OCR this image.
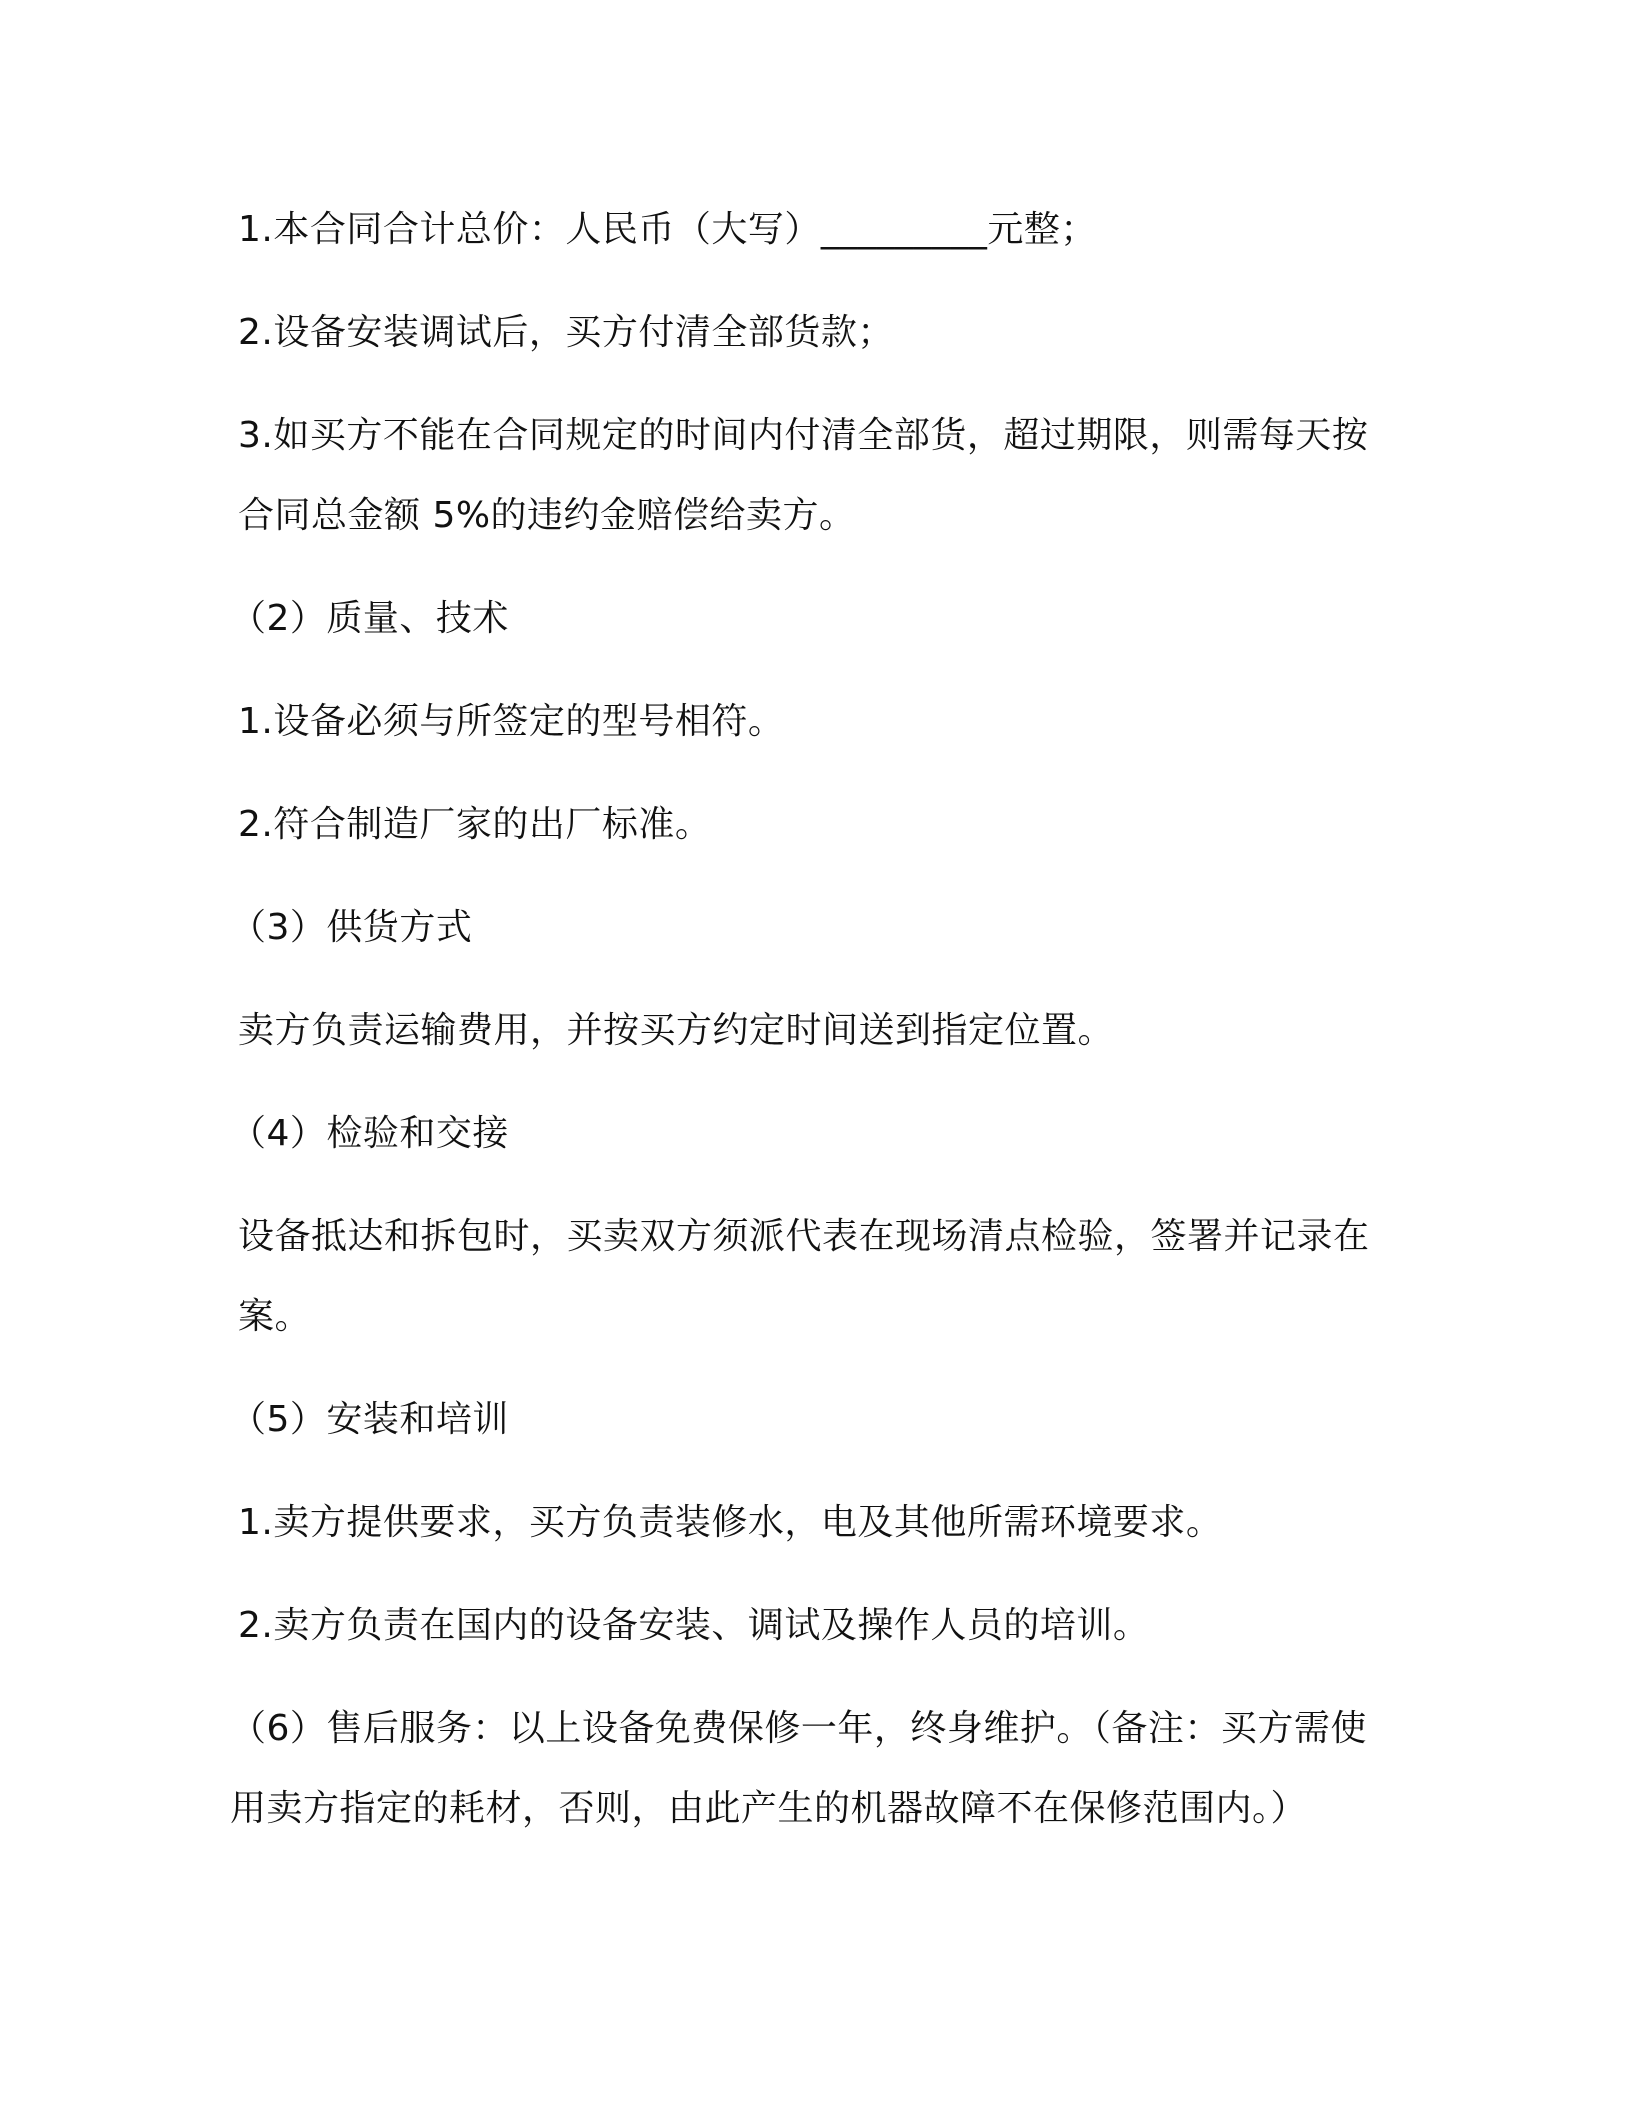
1.本合同合计总价：人民币（大写）_________元整；

2.设备安装调试后，买方付清全部货款；

3.如买方不能在合同规定的时间内付清全部货，超过期限，则需每天按合同总金额 5%的违约金赔偿给卖方。

（2）质量、技术

1.设备必须与所签定的型号相符。

2.符合制造厂家的出厂标准。

（3）供货方式

卖方负责运输费用，并按买方约定时间送到指定位置。

（4）检验和交接

设备抵达和拆包时，买卖双方须派代表在现场清点检验，签署并记录在案。

（5）安装和培训

1.卖方提供要求，买方负责装修水，电及其他所需环境要求。

2.卖方负责在国内的设备安装、调试及操作人员的培训。

（6）售后服务：以上设备免费保修一年，终身维护。（备注：买方需使用卖方指定的耗材，否则，由此产生的机器故障不在保修范围内。）
